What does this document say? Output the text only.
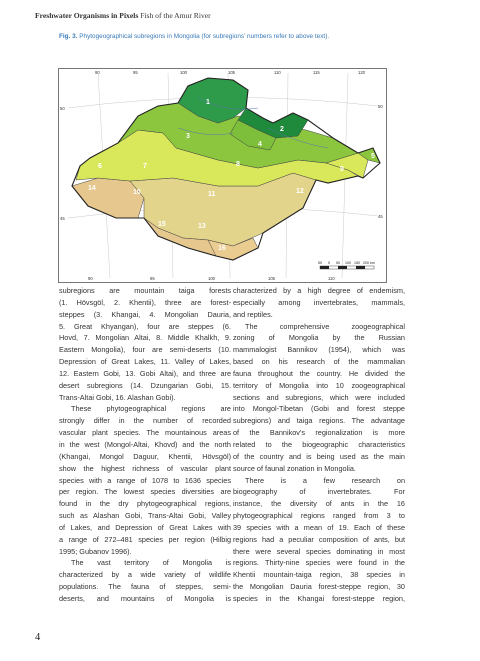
Freshwater Organisms in Pixels Fish of the Amur River
Fig. 3. Phytogeographical subregions in Mongolia (for subregions’ numbers refer to above text).
1
2
3
4
5
6	7	8
9
10	11	12
13
14
15
16
90	95	100	105	110	115	120
90	95	100	105	110
50
45
50
45
50 0 50 100 150 200 km

subregions are mountain taiga forests

(1. Hövsgöl, 2. Khentii), three are forest-

steppes (3. Khangai, 4. Mongolian Dauria,

5. Great Khyangan), four are steppes (6.

Hovd, 7. Mongolian Altai, 8. Middle Khalkh, 9.

Eastern Mongolia), four are semi-deserts (10.

Depression of Great Lakes, 11. Valley of Lakes,

12. Eastern Gobi, 13. Gobi Altai), and three are

desert subregions (14. Dzungarian Gobi, 15.

Trans-Altai Gobi, 16. Alashan Gobi).

These phytogeographical regions are

strongly differ in the number of recorded

vascular plant species. The mountainous areas

in the west (Mongol-Altai, Khovd) and the north

(Khangai, Mongol Daguur, Khentii, Hövsgöl)

show the highest richness of vascular plant

species with a range of 1078 to 1636 species

per region. The lowest species diversities are

found in the dry phytogeographical regions,

such as Alashan Gobi, Trans-Altai Gobi, Valley

of Lakes, and Depression of Great Lakes with

a range of 272–481 species per region (Hilbig

1995; Gubanov 1996).

The vast territory of Mongolia is

characterized by a wide variety of wildlife

populations. The fauna of steppes, semi-

deserts, and mountains of Mongolia is

characterized by a high degree of endemism,

especially among invertebrates, mammals,

and reptiles.

The comprehensive zoogeographical

zoning of Mongolia by the Russian

mammalogist Bannikov (1954), which was

based on his research of the mammalian

fauna throughout the country. He divided the

territory of Mongolia into 10 zoogeographical

sections and subregions, which were included

into Mongol-Tibetan (Gobi and forest steppe

subregions) and taiga regions. The advantage

of the Bannikov's regionalization is more

related to the biogeographic characteristics

of the country and is being used as the main

source of faunal zonation in Mongolia.

There is a few research on

biogeography of invertebrates. For

instance, the diversity of ants in the 16

phytogeographical regions ranged from 3 to

39 species with a mean of 19. Each of these

regions had a peculiar composition of ants, but

there were several species dominating in most

regions. Thirty-nine species were found in the

Khentii mountain-taiga region, 38 species in

the Mongolian Dauria forest-steppe region, 30

species in the Khangai forest-steppe region,

4
